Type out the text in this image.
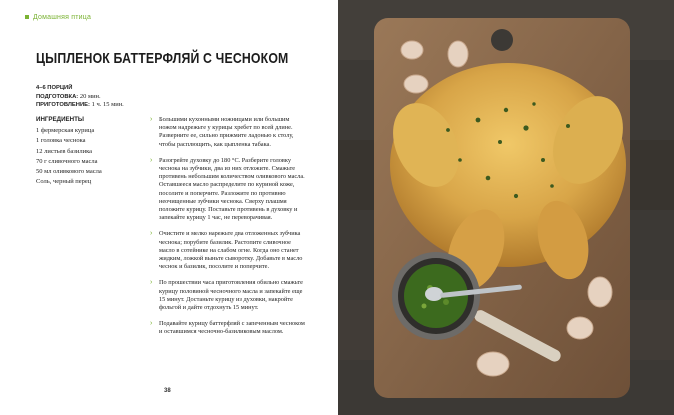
Домашняя птица
ЦЫПЛЕНОК БАТТЕРФЛЯЙ С ЧЕСНОКОМ
4–6 ПОРЦИЙ
ПОДГОТОВКА: 20 мин.
ПРИГОТОВЛЕНИЕ: 1 ч. 15 мин.
ИНГРЕДИЕНТЫ
1 фермерская курица
1 головка чеснока
12 листьев базилика
70 г сливочного масла
50 мл оливкового масла
Соль, черный перец
› Большими кухонными ножницами или большим ножом надрежьте у курицы хребет по всей длине. Разверните ее, сильно прижмите ладонью к столу, чтобы расплющить, как цыпленка табака.
› Разогрейте духовку до 180 °С. Разберите головку чеснока на зубчики, два из них отложите. Смажьте противень небольшим количеством оливкового масла. Оставшееся масло распределите по куриной коже, посолите и поперчите. Разложите по противню неочищенные зубчики чеснока. Сверху плашмя положите курицу. Поставьте противень в духовку и запекайте курицу 1 час, не переворачивая.
› Очистите и мелко нарежьте два отложенных зубчика чеснока; порубите базилик. Растопите сливочное масло в сотейнике на слабом огне. Когда оно станет жидким, ложкой выньте сыворотку. Добавьте в масло чеснок и базилик, посолите и поперчите.
› По прошествии часа приготовления обильно смажьте курицу половиной чесночного масла и запекайте еще 15 минут. Достаньте курицу из духовки, накройте фольгой и дайте отдохнуть 15 минут.
› Подавайте курицу баттерфляй с запеченным чесноком и оставшимся чесночно-базиликовым маслом.
38
